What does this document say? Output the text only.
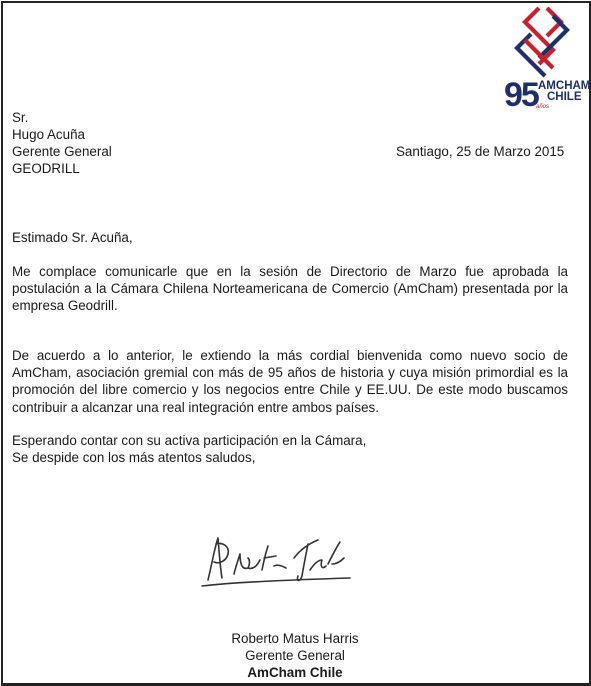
95
años
AMCHAM
CHILE

Sr.

Hugo Acuña

Gerente General

GEODRILL

Santiago, 25 de Marzo 2015

Estimado Sr. Acuña,

Me complace comunicarle que en la sesión de Directorio de Marzo fue aprobada la postulación a la Cámara Chilena Norteamericana de Comercio (AmCham) presentada por la empresa Geodrill.

De acuerdo a lo anterior, le extiendo la más cordial bienvenida como nuevo socio de AmCham, asociación gremial con más de 95 años de historia y cuya misión primordial es la promoción del libre comercio y los negocios entre Chile y EE.UU. De este modo buscamos contribuir a alcanzar una real integración entre ambos países.

Esperando contar con su activa participación en la Cámara,

Se despide con los más atentos saludos,

Roberto Matus Harris
Gerente General
AmCham Chile
